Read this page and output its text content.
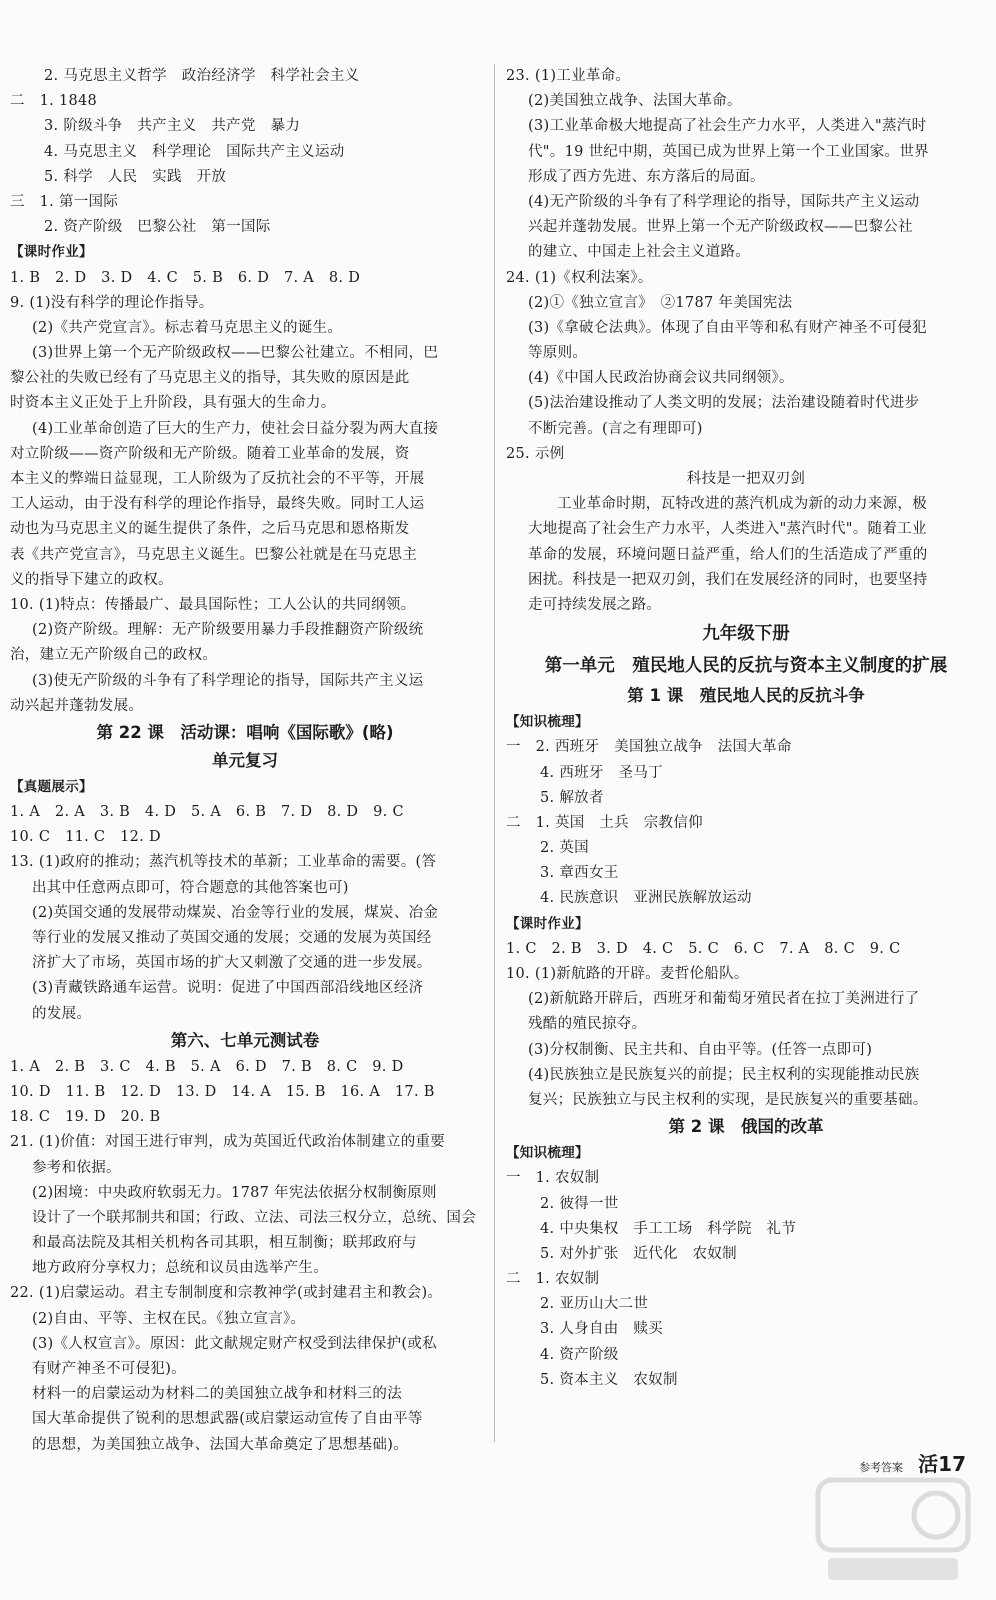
2. 马克思主义哲学　政治经济学　科学社会主义
二　1. 1848
3. 阶级斗争　共产主义　共产党　暴力
4. 马克思主义　科学理论　国际共产主义运动
5. 科学　人民　实践　开放
三　1. 第一国际
2. 资产阶级　巴黎公社　第一国际
【课时作业】
1. B　2. D　3. D　4. C　5. B　6. D　7. A　8. D
9. (1)没有科学的理论作指导。
(2)《共产党宣言》。标志着马克思主义的诞生。
(3)世界上第一个无产阶级政权——巴黎公社建立。不相同，巴
黎公社的失败已经有了马克思主义的指导，其失败的原因是此
时资本主义正处于上升阶段，具有强大的生命力。
(4)工业革命创造了巨大的生产力，使社会日益分裂为两大直接
对立阶级——资产阶级和无产阶级。随着工业革命的发展，资
本主义的弊端日益显现，工人阶级为了反抗社会的不平等，开展
工人运动，由于没有科学的理论作指导，最终失败。同时工人运
动也为马克思主义的诞生提供了条件，之后马克思和恩格斯发
表《共产党宣言》，马克思主义诞生。巴黎公社就是在马克思主
义的指导下建立的政权。
10. (1)特点：传播最广、最具国际性；工人公认的共同纲领。
(2)资产阶级。理解：无产阶级要用暴力手段推翻资产阶级统
治，建立无产阶级自己的政权。
(3)使无产阶级的斗争有了科学理论的指导，国际共产主义运
动兴起并蓬勃发展。
第 22 课　活动课：唱响《国际歌》(略)
单元复习
【真题展示】
1. A　2. A　3. B　4. D　5. A　6. B　7. D　8. D　9. C
10. C　11. C　12. D
13. (1)政府的推动；蒸汽机等技术的革新；工业革命的需要。(答
出其中任意两点即可，符合题意的其他答案也可)
(2)英国交通的发展带动煤炭、冶金等行业的发展，煤炭、冶金
等行业的发展又推动了英国交通的发展；交通的发展为英国经
济扩大了市场，英国市场的扩大又刺激了交通的进一步发展。
(3)青藏铁路通车运营。说明：促进了中国西部沿线地区经济
的发展。
第六、七单元测试卷
1. A　2. B　3. C　4. B　5. A　6. D　7. B　8. C　9. D
10. D　11. B　12. D　13. D　14. A　15. B　16. A　17. B
18. C　19. D　20. B
21. (1)价值：对国王进行审判，成为英国近代政治体制建立的重要
参考和依据。
(2)困境：中央政府软弱无力。1787 年宪法依据分权制衡原则
设计了一个联邦制共和国；行政、立法、司法三权分立，总统、国会
和最高法院及其相关机构各司其职，相互制衡；联邦政府与
地方政府分享权力；总统和议员由选举产生。
22. (1)启蒙运动。君主专制制度和宗教神学(或封建君主和教会)。
(2)自由、平等、主权在民。《独立宣言》。
(3)《人权宣言》。原因：此文献规定财产权受到法律保护(或私
有财产神圣不可侵犯)。
材料一的启蒙运动为材料二的美国独立战争和材料三的法
国大革命提供了锐利的思想武器(或启蒙运动宣传了自由平等
的思想，为美国独立战争、法国大革命奠定了思想基础)。
23. (1)工业革命。
(2)美国独立战争、法国大革命。
(3)工业革命极大地提高了社会生产力水平，人类进入"蒸汽时
代"。19 世纪中期，英国已成为世界上第一个工业国家。世界
形成了西方先进、东方落后的局面。
(4)无产阶级的斗争有了科学理论的指导，国际共产主义运动
兴起并蓬勃发展。世界上第一个无产阶级政权——巴黎公社
的建立、中国走上社会主义道路。
24. (1)《权利法案》。
(2)①《独立宣言》　②1787 年美国宪法
(3)《拿破仑法典》。体现了自由平等和私有财产神圣不可侵犯
等原则。
(4)《中国人民政治协商会议共同纲领》。
(5)法治建设推动了人类文明的发展；法治建设随着时代进步
不断完善。(言之有理即可)
25. 示例
科技是一把双刃剑
工业革命时期，瓦特改进的蒸汽机成为新的动力来源，极
大地提高了社会生产力水平，人类进入"蒸汽时代"。随着工业
革命的发展，环境问题日益严重，给人们的生活造成了严重的
困扰。科技是一把双刃剑，我们在发展经济的同时，也要坚持
走可持续发展之路。
九年级下册
第一单元　殖民地人民的反抗与资本主义制度的扩展
第 1 课　殖民地人民的反抗斗争
【知识梳理】
一　2. 西班牙　美国独立战争　法国大革命
4. 西班牙　圣马丁
5. 解放者
二　1. 英国　土兵　宗教信仰
2. 英国
3. 章西女王
4. 民族意识　亚洲民族解放运动
【课时作业】
1. C　2. B　3. D　4. C　5. C　6. C　7. A　8. C　9. C
10. (1)新航路的开辟。麦哲伦船队。
(2)新航路开辟后，西班牙和葡萄牙殖民者在拉丁美洲进行了
残酷的殖民掠夺。
(3)分权制衡、民主共和、自由平等。(任答一点即可)
(4)民族独立是民族复兴的前提；民主权利的实现能推动民族
复兴；民族独立与民主权利的实现，是民族复兴的重要基础。
第 2 课　俄国的改革
【知识梳理】
一　1. 农奴制
2. 彼得一世
4. 中央集权　手工工场　科学院　礼节
5. 对外扩张　近代化　农奴制
二　1. 农奴制
2. 亚历山大二世
3. 人身自由　赎买
4. 资产阶级
5. 资本主义　农奴制
参考答案 活17
